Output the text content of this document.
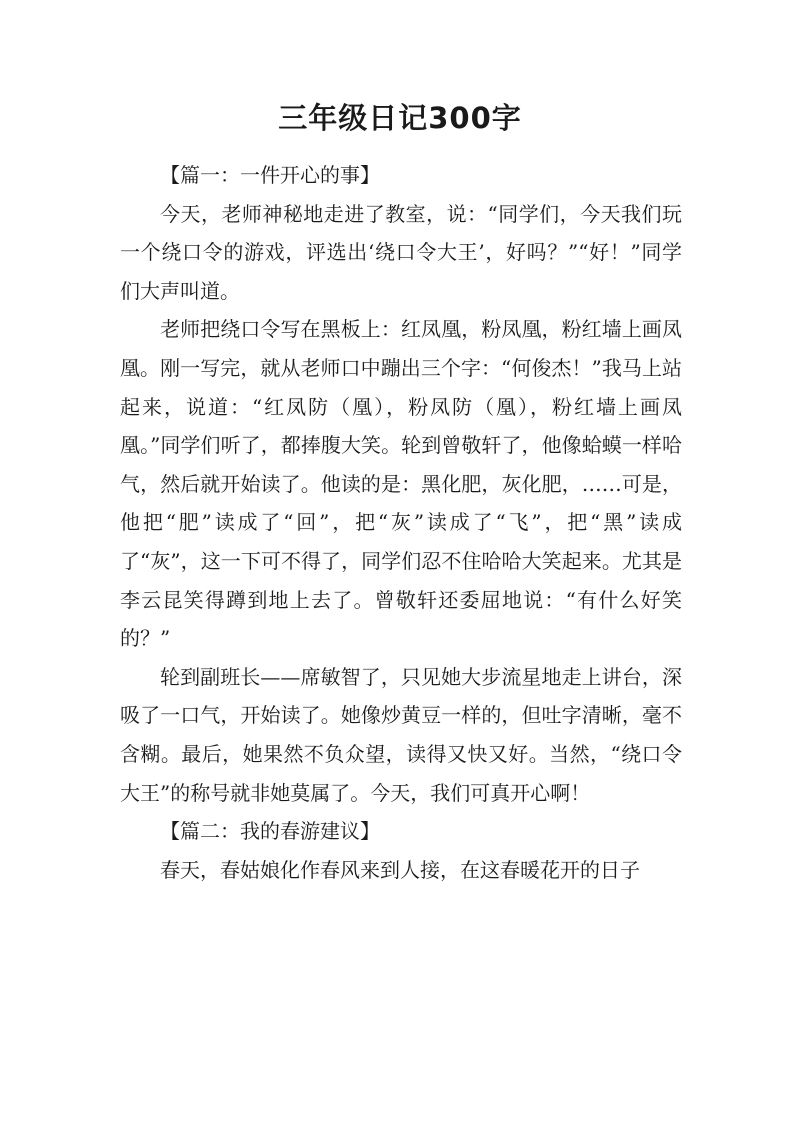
三年级日记300字

【篇一：一件开心的事】

今天，老师神秘地走进了教室，说：“同学们，今天我们玩一个绕口令的游戏，评选出‘绕口令大王’，好吗？”“好！”同学们大声叫道。

老师把绕口令写在黑板上：红凤凰，粉凤凰，粉红墙上画凤凰。刚一写完，就从老师口中蹦出三个字：“何俊杰！”我马上站起来，说道：“红凤防（凰），粉凤防（凰），粉红墙上画凤凰。”同学们听了，都捧腹大笑。轮到曾敬轩了，他像蛤蟆一样哈气，然后就开始读了。他读的是：黑化肥，灰化肥，……可是，他把“肥”读成了“回”，把“灰”读成了“飞”，把“黑”读成了“灰”，这一下可不得了，同学们忍不住哈哈大笑起来。尤其是李云昆笑得蹲到地上去了。曾敬轩还委屈地说：“有什么好笑的？”

轮到副班长——席敏智了，只见她大步流星地走上讲台，深吸了一口气，开始读了。她像炒黄豆一样的，但吐字清晰，毫不含糊。最后，她果然不负众望，读得又快又好。当然，“绕口令大王”的称号就非她莫属了。今天，我们可真开心啊！

【篇二：我的春游建议】

春天，春姑娘化作春风来到人接，在这春暖花开的日子
